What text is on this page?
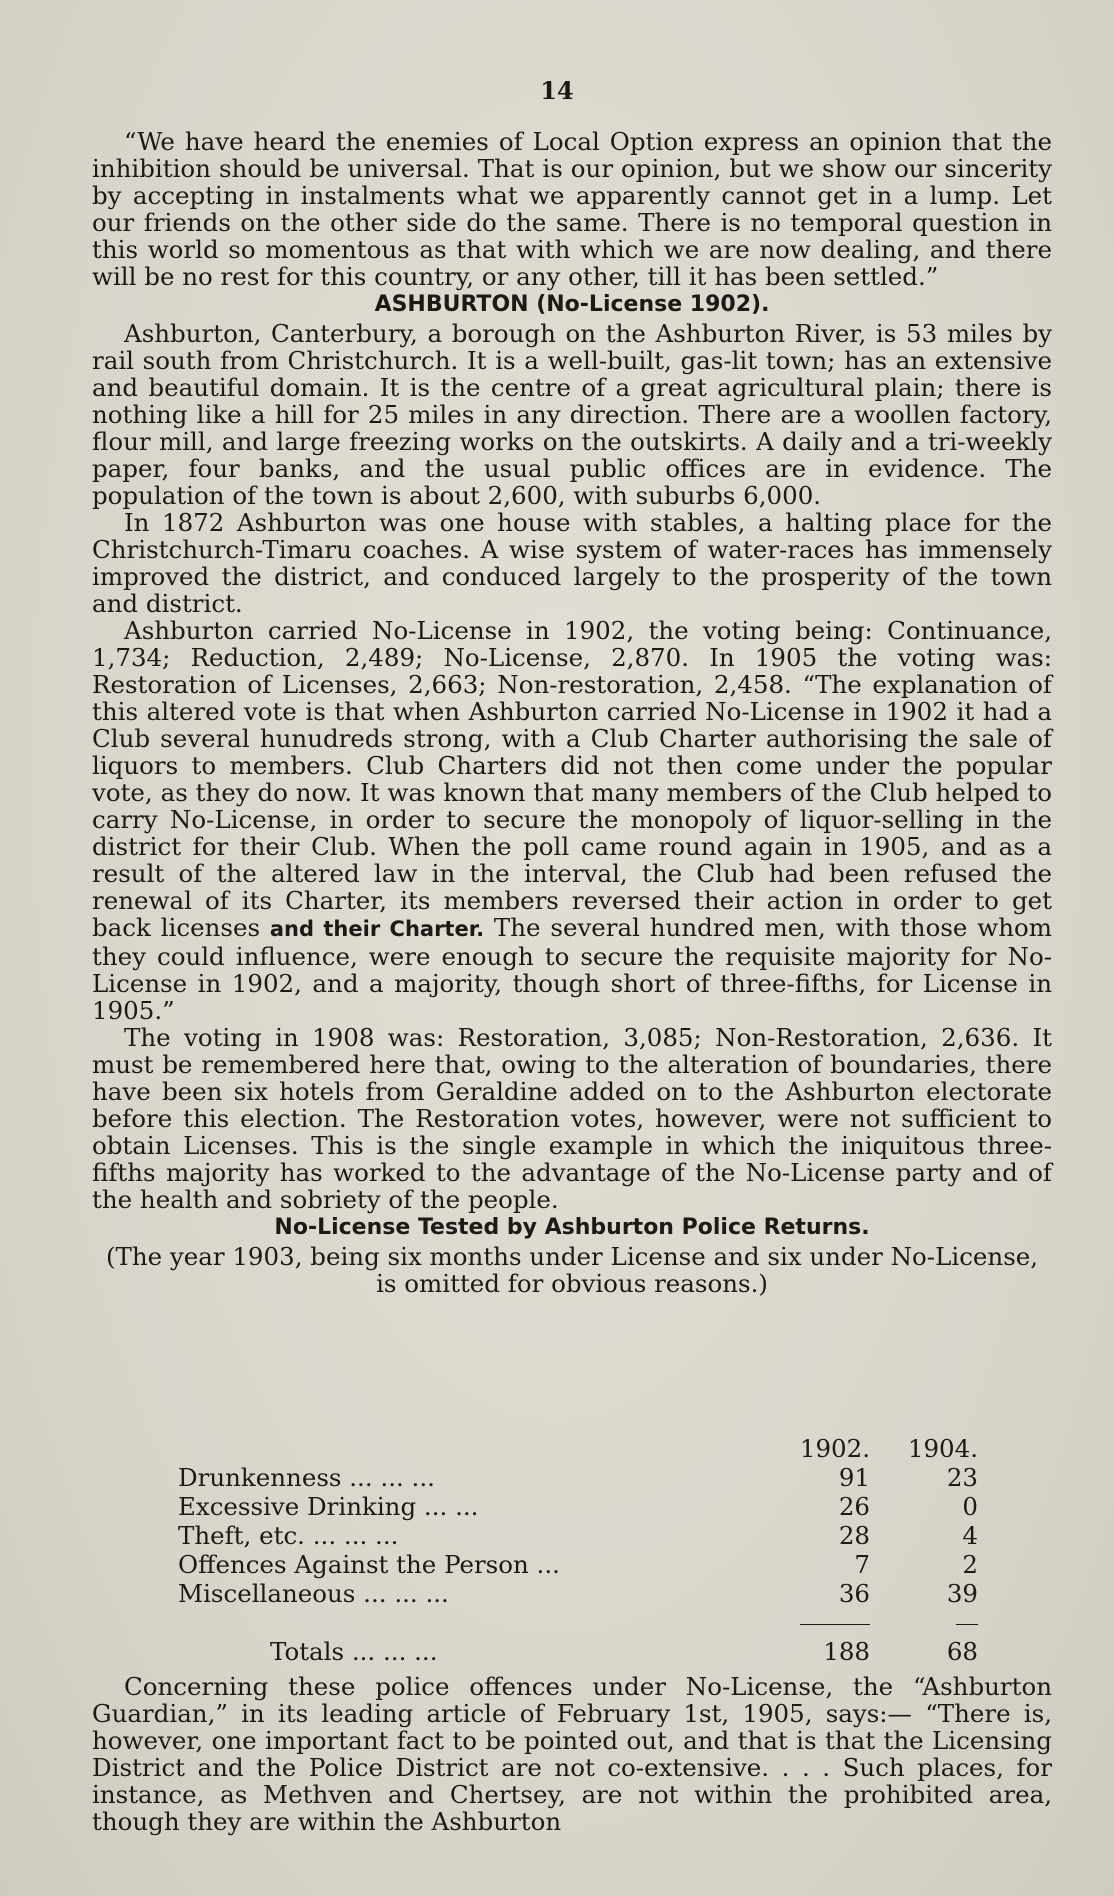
14

“We have heard the enemies of Local Option express an opinion that the inhibition should be universal. That is our opinion, but we show our sincerity by accepting in instalments what we apparently cannot get in a lump. Let our friends on the other side do the same. There is no temporal question in this world so momentous as that with which we are now dealing, and there will be no rest for this country, or any other, till it has been settled.”

ASHBURTON (No-License 1902).

Ashburton, Canterbury, a borough on the Ashburton River, is 53 miles by rail south from Christchurch. It is a well-built, gas-lit town; has an extensive and beautiful domain. It is the centre of a great agricultural plain; there is nothing like a hill for 25 miles in any direction. There are a woollen factory, flour mill, and large freezing works on the outskirts. A daily and a tri-weekly paper, four banks, and the usual public offices are in evidence. The population of the town is about 2,600, with suburbs 6,000.

In 1872 Ashburton was one house with stables, a halting place for the Christchurch-Timaru coaches. A wise system of water-races has immensely improved the district, and conduced largely to the prosperity of the town and district.

Ashburton carried No-License in 1902, the voting being: Continuance, 1,734; Reduction, 2,489; No-License, 2,870. In 1905 the voting was: Restoration of Licenses, 2,663; Non-restoration, 2,458. “The explanation of this altered vote is that when Ashburton carried No-License in 1902 it had a Club several hunudreds strong, with a Club Charter authorising the sale of liquors to members. Club Charters did not then come under the popular vote, as they do now. It was known that many members of the Club helped to carry No-License, in order to secure the monopoly of liquor-selling in the district for their Club. When the poll came round again in 1905, and as a result of the altered law in the interval, the Club had been refused the renewal of its Charter, its members reversed their action in order to get back licenses and their Charter. The several hundred men, with those whom they could influence, were enough to secure the requisite majority for No-License in 1902, and a majority, though short of three-fifths, for License in 1905.”

The voting in 1908 was: Restoration, 3,085; Non-Restoration, 2,636. It must be remembered here that, owing to the alteration of boundaries, there have been six hotels from Geraldine added on to the Ashburton electorate before this election. The Restoration votes, however, were not sufficient to obtain Licenses. This is the single example in which the iniquitous three-fifths majority has worked to the advantage of the No-License party and of the health and sobriety of the people.

No-License Tested by Ashburton Police Returns.

(The year 1903, being six months under License and six under No-License, is omitted for obvious reasons.)

	1902.	1904.
Drunkenness ... ... ...	91	23
Excessive Drinking ... ...	26	0
Theft, etc. ... ... ...	28	4
Offences Against the Person ...	7	2
Miscellaneous ... ... ...	36	39

Totals ... ... ...	188	68

Concerning these police offences under No-License, the “Ashburton Guardian,” in its leading article of February 1st, 1905, says:— “There is, however, one important fact to be pointed out, and that is that the Licensing District and the Police District are not co-extensive. . . . Such places, for instance, as Methven and Chertsey, are not within the prohibited area, though they are within the Ashburton
